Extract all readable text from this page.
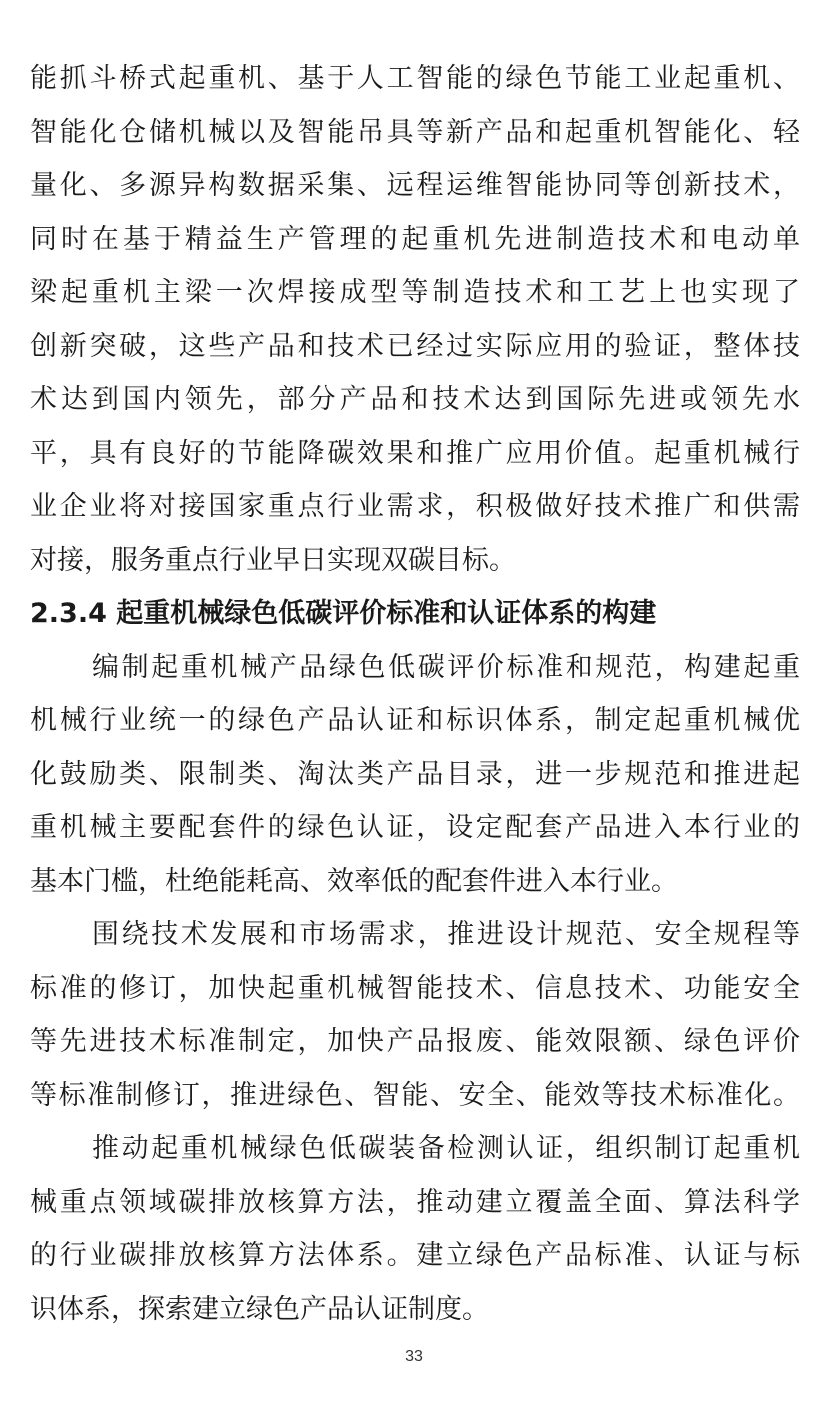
能抓斗桥式起重机、基于人工智能的绿色节能工业起重机、
智能化仓储机械以及智能吊具等新产品和起重机智能化、轻
量化、多源异构数据采集、远程运维智能协同等创新技术，
同时在基于精益生产管理的起重机先进制造技术和电动单
梁起重机主梁一次焊接成型等制造技术和工艺上也实现了
创新突破，这些产品和技术已经过实际应用的验证，整体技
术达到国内领先，部分产品和技术达到国际先进或领先水
平，具有良好的节能降碳效果和推广应用价值。起重机械行
业企业将对接国家重点行业需求，积极做好技术推广和供需
对接，服务重点行业早日实现双碳目标。
2.3.4 起重机械绿色低碳评价标准和认证体系的构建
编制起重机械产品绿色低碳评价标准和规范，构建起重
机械行业统一的绿色产品认证和标识体系，制定起重机械优
化鼓励类、限制类、淘汰类产品目录，进一步规范和推进起
重机械主要配套件的绿色认证，设定配套产品进入本行业的
基本门槛，杜绝能耗高、效率低的配套件进入本行业。
围绕技术发展和市场需求，推进设计规范、安全规程等
标准的修订，加快起重机械智能技术、信息技术、功能安全
等先进技术标准制定，加快产品报废、能效限额、绿色评价
等标准制修订，推进绿色、智能、安全、能效等技术标准化。
推动起重机械绿色低碳装备检测认证，组织制订起重机
械重点领域碳排放核算方法，推动建立覆盖全面、算法科学
的行业碳排放核算方法体系。建立绿色产品标准、认证与标
识体系，探索建立绿色产品认证制度。
33
